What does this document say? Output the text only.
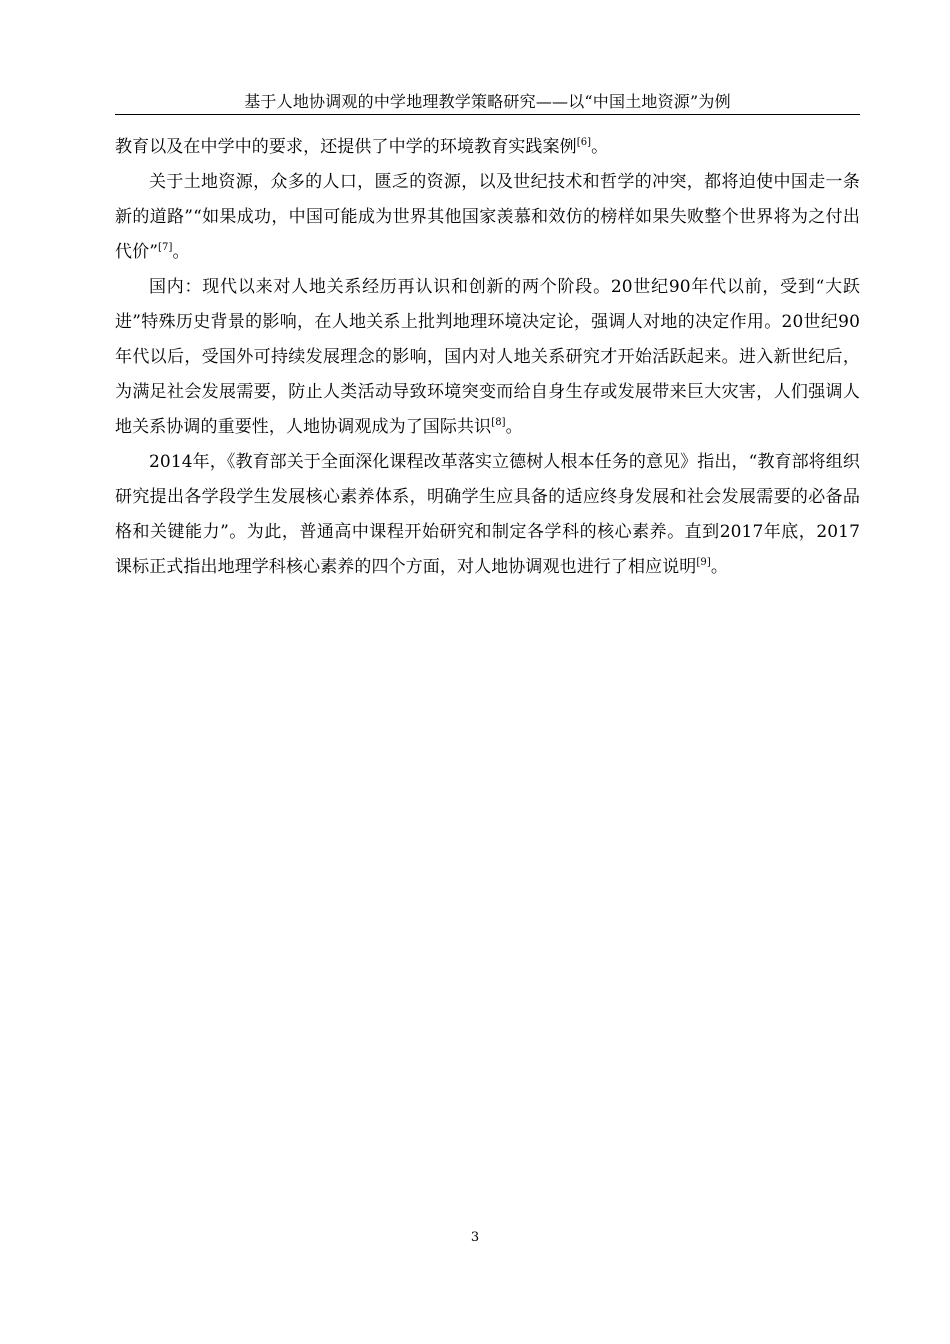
基于人地协调观的中学地理教学策略研究——以“中国土地资源”为例

教育以及在中学中的要求，还提供了中学的环境教育实践案例[6]。

关于土地资源，众多的人口，匮乏的资源，以及世纪技术和哲学的冲突，都将迫使中国走一条新的道路”“如果成功，中国可能成为世界其他国家羡慕和效仿的榜样如果失败整个世界将为之付出代价”[7]。

国内：现代以来对人地关系经历再认识和创新的两个阶段。20世纪90年代以前，受到“大跃进”特殊历史背景的影响，在人地关系上批判地理环境决定论，强调人对地的决定作用。20世纪90年代以后，受国外可持续发展理念的影响，国内对人地关系研究才开始活跃起来。进入新世纪后，为满足社会发展需要，防止人类活动导致环境突变而给自身生存或发展带来巨大灾害，人们强调人地关系协调的重要性，人地协调观成为了国际共识[8]。

2014年，《教育部关于全面深化课程改革落实立德树人根本任务的意见》指出，“教育部将组织研究提出各学段学生发展核心素养体系，明确学生应具备的适应终身发展和社会发展需要的必备品格和关键能力”。为此，普通高中课程开始研究和制定各学科的核心素养。直到2017年底，2017课标正式指出地理学科核心素养的四个方面，对人地协调观也进行了相应说明[9]。

3
